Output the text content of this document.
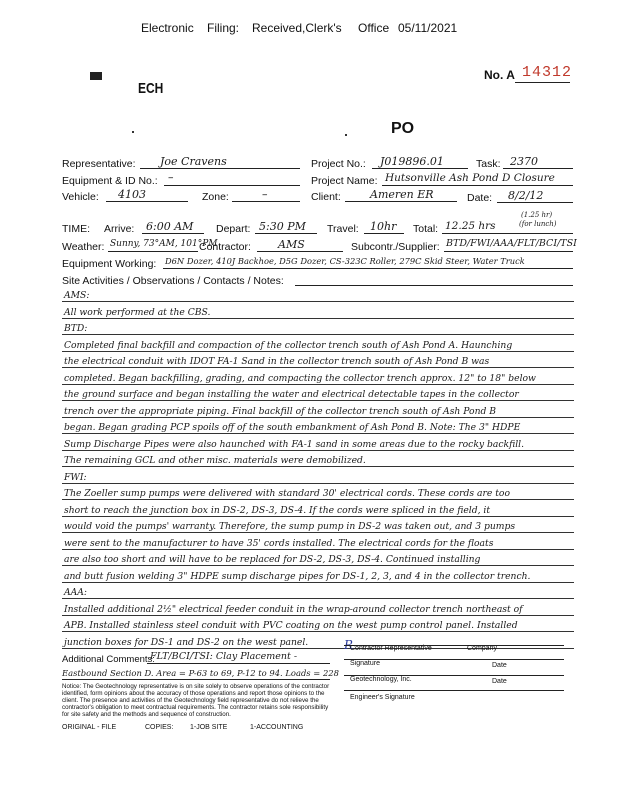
Electronic Filing: Received,Clerk's Office 05/11/2021
ECH
No. A 14312
PO
Representative: Joe Cravens	Project No.: J019896.01	Task: 2370
Equipment & ID No.: –	Project Name: Hutsonville Ash Pond D Closure
Vehicle: 4103	Zone:	–	Client:	Ameren ER	Date: 8/2/12
TIME: Arrive: 6:00 AM Depart: 5:30 PM Travel: 10hr Total: 12.25 hrs
(1.25 hr)
(for lunch)
Weather: Sunny, 73°AM, 101°PM
Contractor: AMS	Subcontr./Supplier: BTD/FWI/AAA/FLT/BCI/TSI
Equipment Working: D6N Dozer, 410J Backhoe, D5G Dozer, CS-323C Roller, 279C Skid Steer, Water Truck
Site Activities / Observations / Contacts / Notes:
AMS:
All work performed at the CBS.
BTD:
Completed final backfill and compaction of the collector trench south of Ash Pond A. Haunching
the electrical conduit with IDOT FA-1 Sand in the collector trench south of Ash Pond B was
completed. Began backfilling, grading, and compacting the collector trench approx. 12" to 18" below
the ground surface and began installing the water and electrical detectable tapes in the collector
trench over the appropriate piping. Final backfill of the collector trench south of Ash Pond B
began. Began grading PCP spoils off of the south embankment of Ash Pond B. Note: The 3" HDPE
Sump Discharge Pipes were also haunched with FA-1 sand in some areas due to the rocky backfill.
The remaining GCL and other misc. materials were demobilized.
FWI:
The Zoeller sump pumps were delivered with standard 30' electrical cords. These cords are too
short to reach the junction box in DS-2, DS-3, DS-4. If the cords were spliced in the field, it
would void the pumps' warranty. Therefore, the sump pump in DS-2 was taken out, and 3 pumps
were sent to the manufacturer to have 35' cords installed. The electrical cords for the floats
are also too short and will have to be replaced for DS-2, DS-3, DS-4. Continued installing
and butt fusion welding 3" HDPE sump discharge pipes for DS-1, 2, 3, and 4 in the collector trench.
AAA:
Installed additional 2½" electrical feeder conduit in the wrap-around collector trench northeast of
APB. Installed stainless steel conduit with PVC coating on the west pump control panel. Installed
junction boxes for DS-1 and DS-2 on the west panel.
Additional Comments:
FLT/BCI/TSI: Clay Placement -
Eastbound Section D. Area = P-63 to 69, P-12 to 94. Loads = 228
R
Contractor Representative	Company
Signature	Date
Geotechnology, Inc.	Date
Engineer's Signature
Notice: The Geotechnology representative is on site solely to observe operations of the contractor
identified, form opinions about the accuracy of those operations and report those opinions to the
client. The presence and activities of the Geotechnology field representative do not relieve the
contractor's obligation to meet contractual requirements. The contractor retains sole responsibility
for site safety and the methods and sequence of construction.
ORIGINAL - FILE	COPIES: 1-JOB SITE	1-ACCOUNTING
